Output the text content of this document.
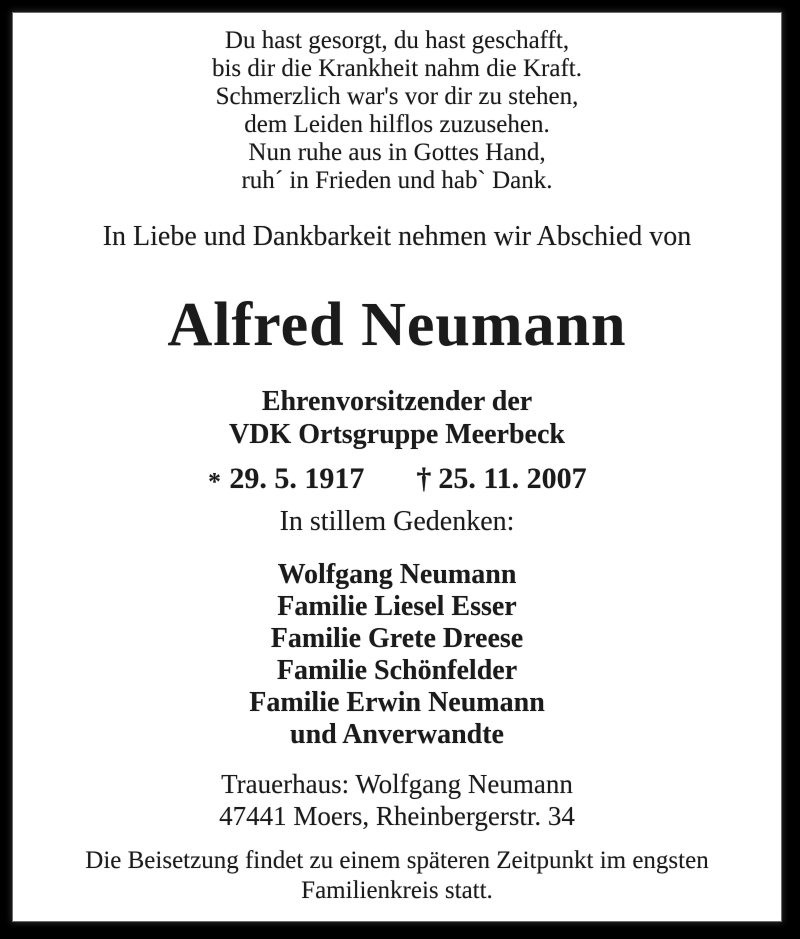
Du hast gesorgt, du hast geschafft,
bis dir die Krankheit nahm die Kraft.
Schmerzlich war's vor dir zu stehen,
dem Leiden hilflos zuzusehen.
Nun ruhe aus in Gottes Hand,
ruh´ in Frieden und hab` Dank.
In Liebe und Dankbarkeit nehmen wir Abschied von
Alfred Neumann
Ehrenvorsitzender der
VDK Ortsgruppe Meerbeck
* 29. 5. 1917 † 25. 11. 2007
In stillem Gedenken:
Wolfgang Neumann
Familie Liesel Esser
Familie Grete Dreese
Familie Schönfelder
Familie Erwin Neumann
und Anverwandte
Trauerhaus: Wolfgang Neumann
47441 Moers, Rheinbergerstr. 34
Die Beisetzung findet zu einem späteren Zeitpunkt im engsten
Familienkreis statt.
